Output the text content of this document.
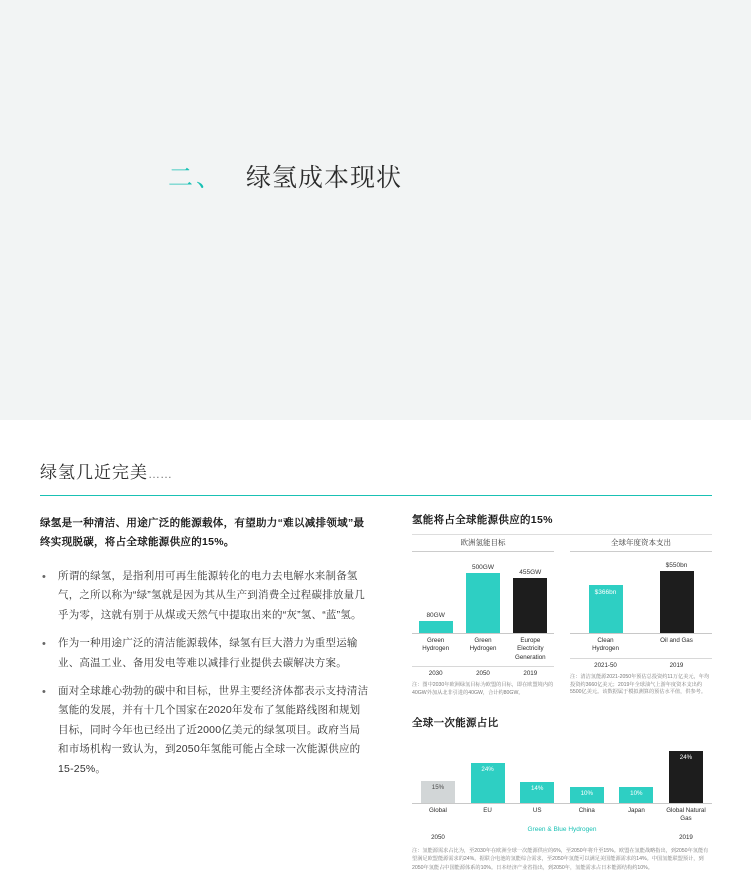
二、 绿氢成本现状
绿氢几近完美……

绿氢是一种清洁、用途广泛的能源载体，有望助力“难以减排领域”最终实现脱碳，将占全球能源供应的15%。

• 所谓的绿氢，是指利用可再生能源转化的电力去电解水来制备氢气，之所以称为“绿”氢就是因为其从生产到消费全过程碳排放量几乎为零，这就有别于从煤或天然气中提取出来的“灰”氢、“蓝”氢。
• 作为一种用途广泛的清洁能源载体，绿氢有巨大潜力为重型运输业、高温工业、备用发电等难以减排行业提供去碳解决方案。
• 面对全球雄心勃勃的碳中和目标，世界主要经济体都表示支持清洁氢能的发展，并有十几个国家在2020年发布了氢能路线图和规划目标，同时今年也已经出了近2000亿美元的绿氢项目。政府当局和市场机构一致认为，到2050年氢能可能占全球一次能源供应的15-25%。
氢能将占全球能源供应的15%
欧洲氢能目标
80GW
500GW
455GW
Green Hydrogen
Green Hydrogen
Europe Electricity Generation
2030	2050	2019
注：图中2030年欧洲绿氢目标为欧盟的目标，即在欧盟境内的40GW外加从北非引进的40GW，合计约80GW。
全球年度资本支出
$366bn
$550bn
Clean Hydrogen
Oil and Gas
2021-50	2019
注：清洁氢能源2021-2050年预估总投资约11万亿美元，年均投资约3660亿美元；2019年全球油气上游年度资本支出约5500亿美元。该数据属于模拟测算的预估水平值，供参考。
全球一次能源占比
15%
24%
14%
10%	10%
24%
Global	EU	US	China	Japan	Global Natural Gas
Green & Blue Hydrogen
2050	2019
注：氢能源需求占比为，至2030年在欧洲全球一次能源供应的6%，至2050年将升至15%。欧盟在氢能战略指出，到2050年氢能有望满足欧盟能源需求的24%。据联合电池的氢能综合需求，至2050年氢能可以满足美国能源需求的14%。中国氢能联盟预计，到2050年氢能占中国能源体系的10%。日本经济产业省指出，到2050年，氢能需求占日本能源结构约10%。
